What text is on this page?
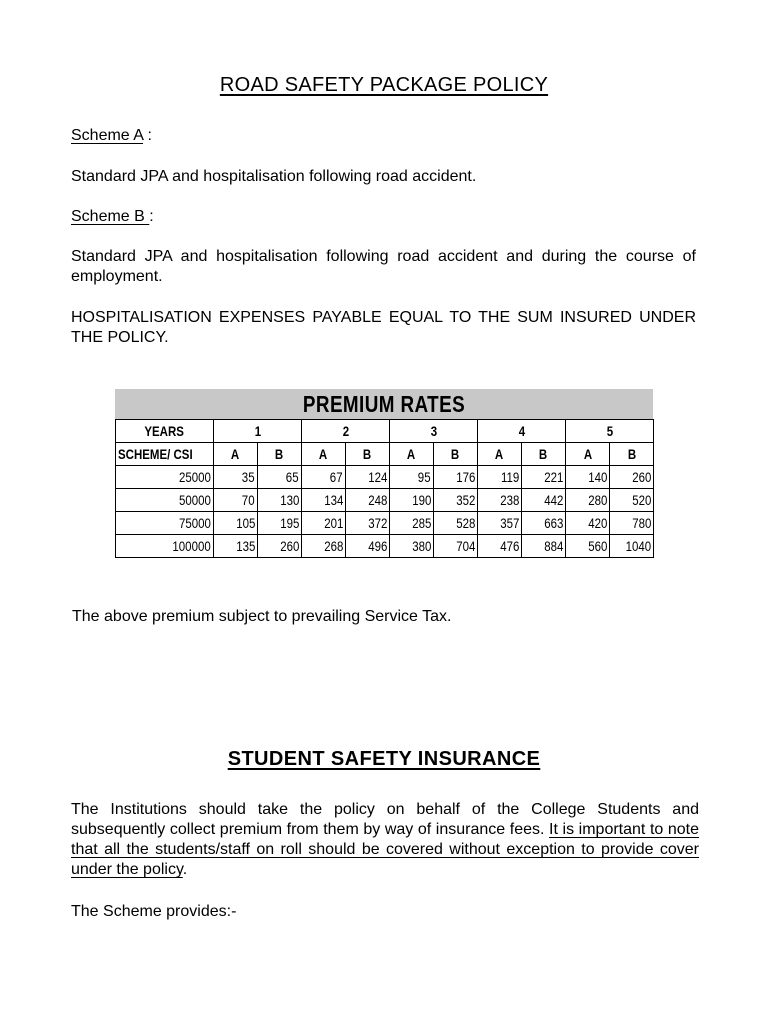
ROAD SAFETY PACKAGE POLICY
Scheme A :
Standard JPA and hospitalisation following road accident.
Scheme B :
Standard JPA and hospitalisation following road accident and during the course of employment.
HOSPITALISATION EXPENSES PAYABLE EQUAL TO THE SUM INSURED UNDER THE POLICY.
PREMIUM RATES
YEARS	1		2		3		4		5	
SCHEME/ CSI	A	B	A	B	A	B	A	B	A	B
25000	35	65	67	124	95	176	119	221	140	260
50000	70	130	134	248	190	352	238	442	280	520
75000	105	195	201	372	285	528	357	663	420	780
100000	135	260	268	496	380	704	476	884	560	1040
The above premium subject to prevailing Service Tax.
STUDENT SAFETY INSURANCE
The Institutions should take the policy on behalf of the College Students and subsequently collect premium from them by way of insurance fees. It is important to note that all the students/staff on roll should be covered without exception to provide cover under the policy.
The Scheme provides:-
